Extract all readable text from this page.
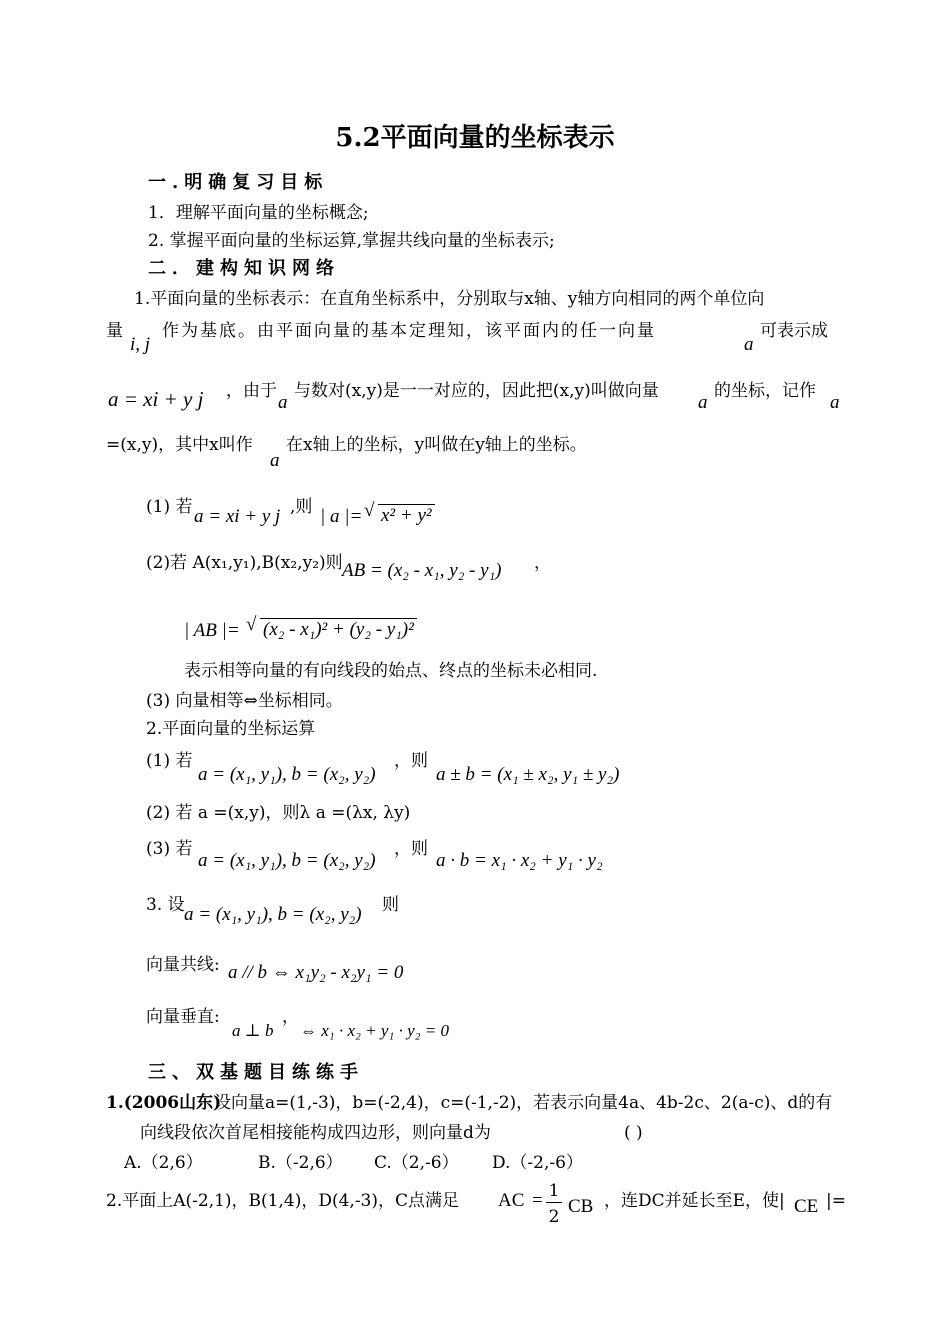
5.2平面向量的坐标表示
一.明确复习目标
1．理解平面向量的坐标概念;
2. 掌握平面向量的坐标运算,掌握共线向量的坐标表示;
二．建构知识网络
1.平面向量的坐标表示：在直角坐标系中，分别取与x轴、y轴方向相同的两个单位向
量
i, j
作为基底。由平面向量的基本定理知，该平面内的任一向量
a
可表示成
a = xi + y j ，由于
a
与数对(x,y)是一一对应的，因此把(x,y)叫做向量
a
的坐标，记作
a
=(x,y)，其中x叫作
a
在x轴上的坐标，y叫做在y轴上的坐标。
(1) 若 a = xi + y j ,则 | a |= √ x² + y²
(2)若 A(x₁,y₁),B(x₂,y₂)则 AB = (x₂ - x₁, y₂ - y₁) ，
| AB |= √ (x₂ - x₁)² + (y₂ - y₁)²
表示相等向量的有向线段的始点、终点的坐标未必相同.
(3) 向量相等⇔坐标相同。
2.平面向量的坐标运算
(1) 若
a = (x₁, y₁), b = (x₂, y₂)
，则
a ± b = (x₁ ± x₂, y₁ ± y₂)
(2) 若 a =(x,y)，则λ a =(λx, λy)
(3) 若
a = (x₁, y₁), b = (x₂, y₂)
，则
a · b = x₁ · x₂ + y₁ · y₂
3. 设 a = (x₁, y₁), b = (x₂, y₂) 则
向量共线: a // b ⇔ x₁y₂ - x₂y₁ = 0
向量垂直:
a ⊥ b
，
⇔ x₁ · x₂ + y₁ · y₂ = 0
三、双基题目练练手
1.(2006山东)
设向量a=(1,-3)，b=(-2,4)，c=(-1,-2)，若表示向量4a、4b-2c、2(a-c)、d的有
向线段依次首尾相接能构成四边形，则向量d为	( )
A.（2,6）	B.（-2,6） C.（2,-6） D.（-2,-6）
2.平面上A(-2,1)，B(1,4)，D(4,-3)，C点满足 AC = 1
2 CB ，连DC并延长至E，使| CE |=
